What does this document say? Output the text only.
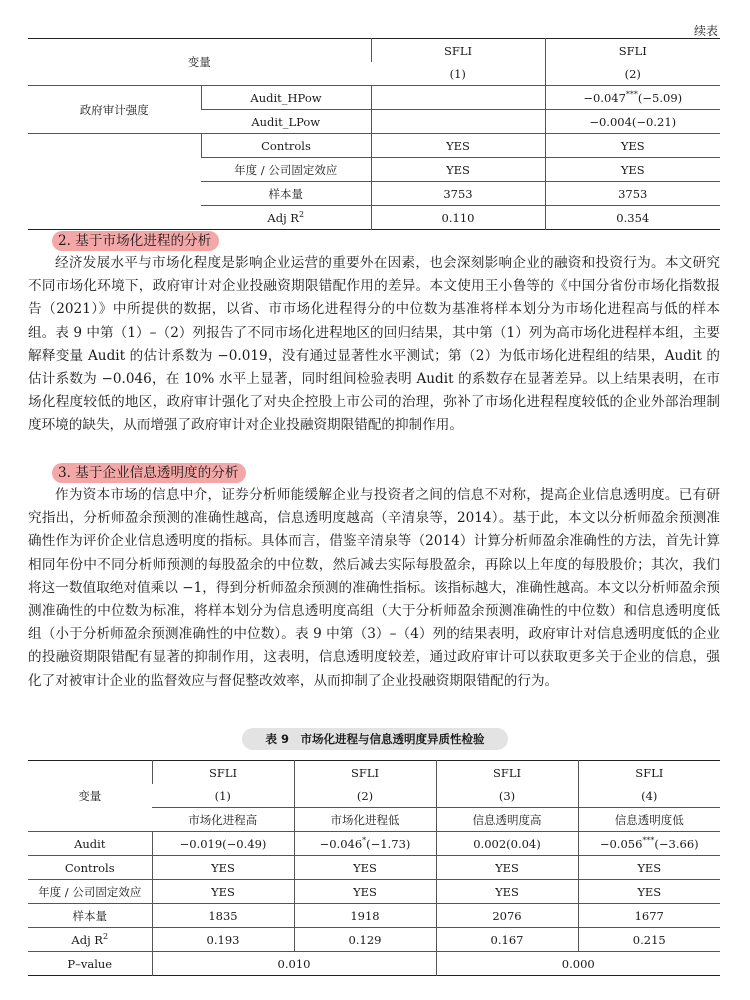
续表
变量		SFLI	SFLI
		(1)	(2)
政府审计强度	Audit_HPow		−0.047***(−5.09)
	Audit_LPow		−0.004(−0.21)
	Controls	YES	YES
	年度 / 公司固定效应	YES	YES
	样本量	3753	3753
	Adj $R^2$	0.110	0.354
2. 基于市场化进程的分析

经济发展水平与市场化程度是影响企业运营的重要外在因素，也会深刻影响企业的融资和投资行为。本文研究不同市场化环境下，政府审计对企业投融资期限错配作用的差异。本文使用王小鲁等的《中国分省份市场化指数报告（2021）》中所提供的数据，以省、市市场化进程得分的中位数为基准将样本划分为市场化进程高与低的样本组。表 9 中第（1）–（2）列报告了不同市场化进程地区的回归结果，其中第（1）列为高市场化进程样本组，主要解释变量 Audit 的估计系数为 −0.019，没有通过显著性水平测试；第（2）为低市场化进程组的结果，Audit 的估计系数为 −0.046，在 10% 水平上显著，同时组间检验表明 Audit 的系数存在显著差异。以上结果表明，在市场化程度较低的地区，政府审计强化了对央企控股上市公司的治理，弥补了市场化进程程度较低的企业外部治理制度环境的缺失，从而增强了政府审计对企业投融资期限错配的抑制作用。

3. 基于企业信息透明度的分析

作为资本市场的信息中介，证券分析师能缓解企业与投资者之间的信息不对称，提高企业信息透明度。已有研究指出，分析师盈余预测的准确性越高，信息透明度越高（辛清泉等，2014）。基于此，本文以分析师盈余预测准确性作为评价企业信息透明度的指标。具体而言，借鉴辛清泉等（2014）计算分析师盈余准确性的方法，首先计算相同年份中不同分析师预测的每股盈余的中位数，然后减去实际每股盈余，再除以上年度的每股股价；其次，我们将这一数值取绝对值乘以 −1，得到分析师盈余预测的准确性指标。该指标越大，准确性越高。本文以分析师盈余预测准确性的中位数为标准，将样本划分为信息透明度高组（大于分析师盈余预测准确性的中位数）和信息透明度低组（小于分析师盈余预测准确性的中位数）。表 9 中第（3）–（4）列的结果表明，政府审计对信息透明度低的企业的投融资期限错配有显著的抑制作用，这表明，信息透明度较差，通过政府审计可以获取更多关于企业的信息，强化了对被审计企业的监督效应与督促整改效率，从而抑制了企业投融资期限错配的行为。

表 9　市场化进程与信息透明度异质性检验
变量	SFLI	SFLI	SFLI	SFLI
	(1)	(2)	(3)	(4)
	市场化进程高	市场化进程低	信息透明度高	信息透明度低
Audit	−0.019(−0.49)	−0.046*(−1.73)	0.002(0.04)	−0.056***(−3.66)
Controls	YES	YES	YES	YES
年度 / 公司固定效应	YES	YES	YES	YES
样本量	1835	1918	2076	1677
Adj $R^2$	0.193	0.129	0.167	0.215
P–value	0.010		0.000	
